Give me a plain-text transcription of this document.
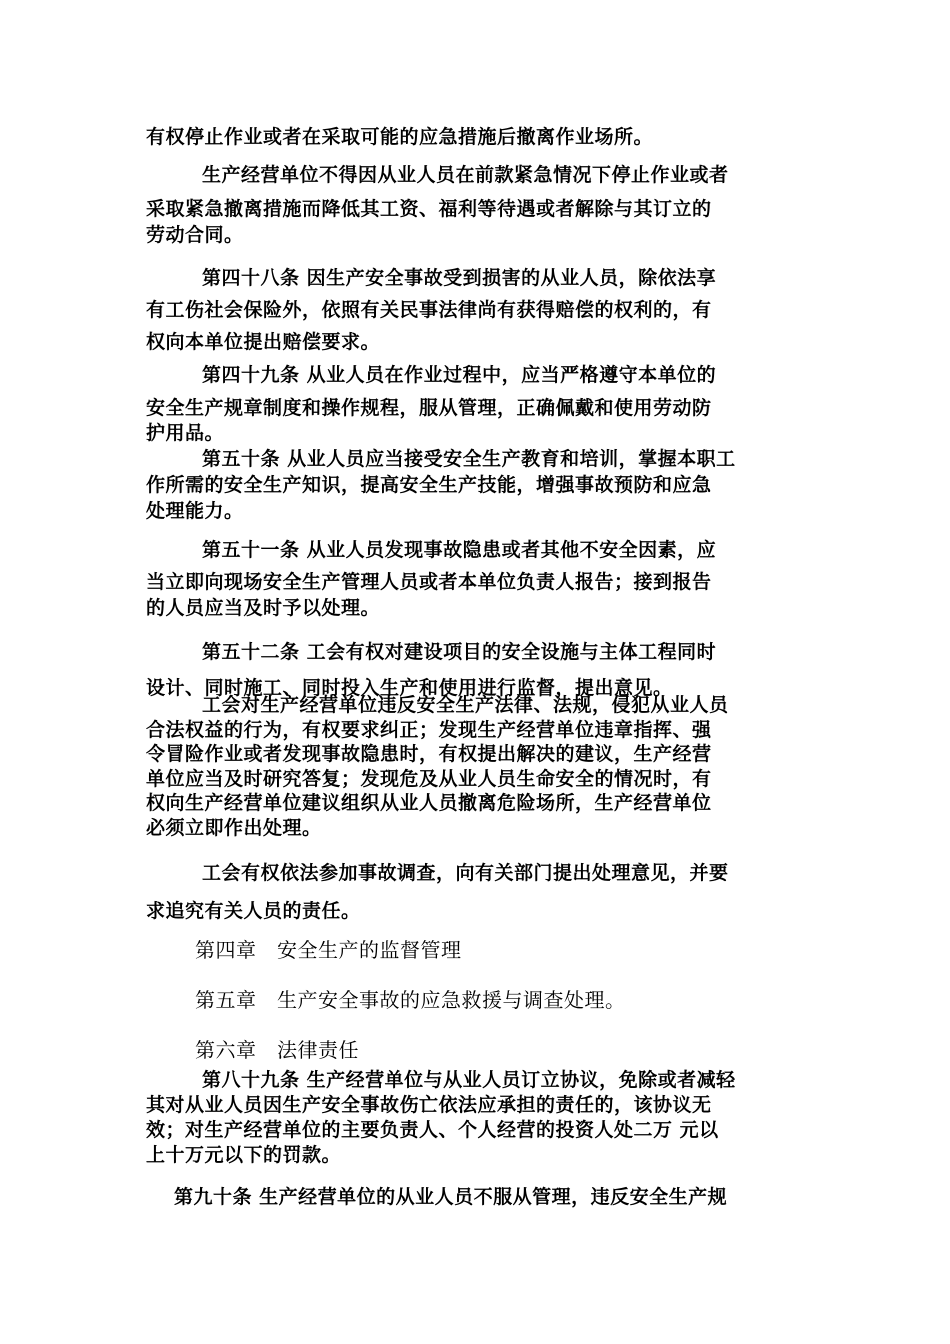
有权停止作业或者在采取可能的应急措施后撤离作业场所。
生产经营单位不得因从业人员在前款紧急情况下停止作业或者
采取紧急撤离措施而降低其工资、福利等待遇或者解除与其订立的
劳动合同。
第四十八条 因生产安全事故受到损害的从业人员，除依法享
有工伤社会保险外，依照有关民事法律尚有获得赔偿的权利的，有
权向本单位提出赔偿要求。
第四十九条 从业人员在作业过程中，应当严格遵守本单位的
安全生产规章制度和操作规程，服从管理，正确佩戴和使用劳动防
护用品。
第五十条 从业人员应当接受安全生产教育和培训，掌握本职工
作所需的安全生产知识，提高安全生产技能，增强事故预防和应急
处理能力。
第五十一条 从业人员发现事故隐患或者其他不安全因素，应
当立即向现场安全生产管理人员或者本单位负责人报告；接到报告
的人员应当及时予以处理。
第五十二条 工会有权对建设项目的安全设施与主体工程同时
设计、同时施工、同时投入生产和使用进行监督，提出意见。
工会对生产经营单位违反安全生产法律、法规，侵犯从业人员
合法权益的行为，有权要求纠正；发现生产经营单位违章指挥、强
令冒险作业或者发现事故隐患时，有权提出解决的建议，生产经营
单位应当及时研究答复；发现危及从业人员生命安全的情况时，有
权向生产经营单位建议组织从业人员撤离危险场所，生产经营单位
必须立即作出处理。
工会有权依法参加事故调查，向有关部门提出处理意见，并要
求追究有关人员的责任。
第四章　安全生产的监督管理
第五章　生产安全事故的应急救援与调查处理。
第六章　法律责任
第八十九条 生产经营单位与从业人员订立协议，免除或者减轻
其对从业人员因生产安全事故伤亡依法应承担的责任的，该协议无
效；对生产经营单位的主要负责人、个人经营的投资人处二万 元以
上十万元以下的罚款。
第九十条 生产经营单位的从业人员不服从管理，违反安全生产规
